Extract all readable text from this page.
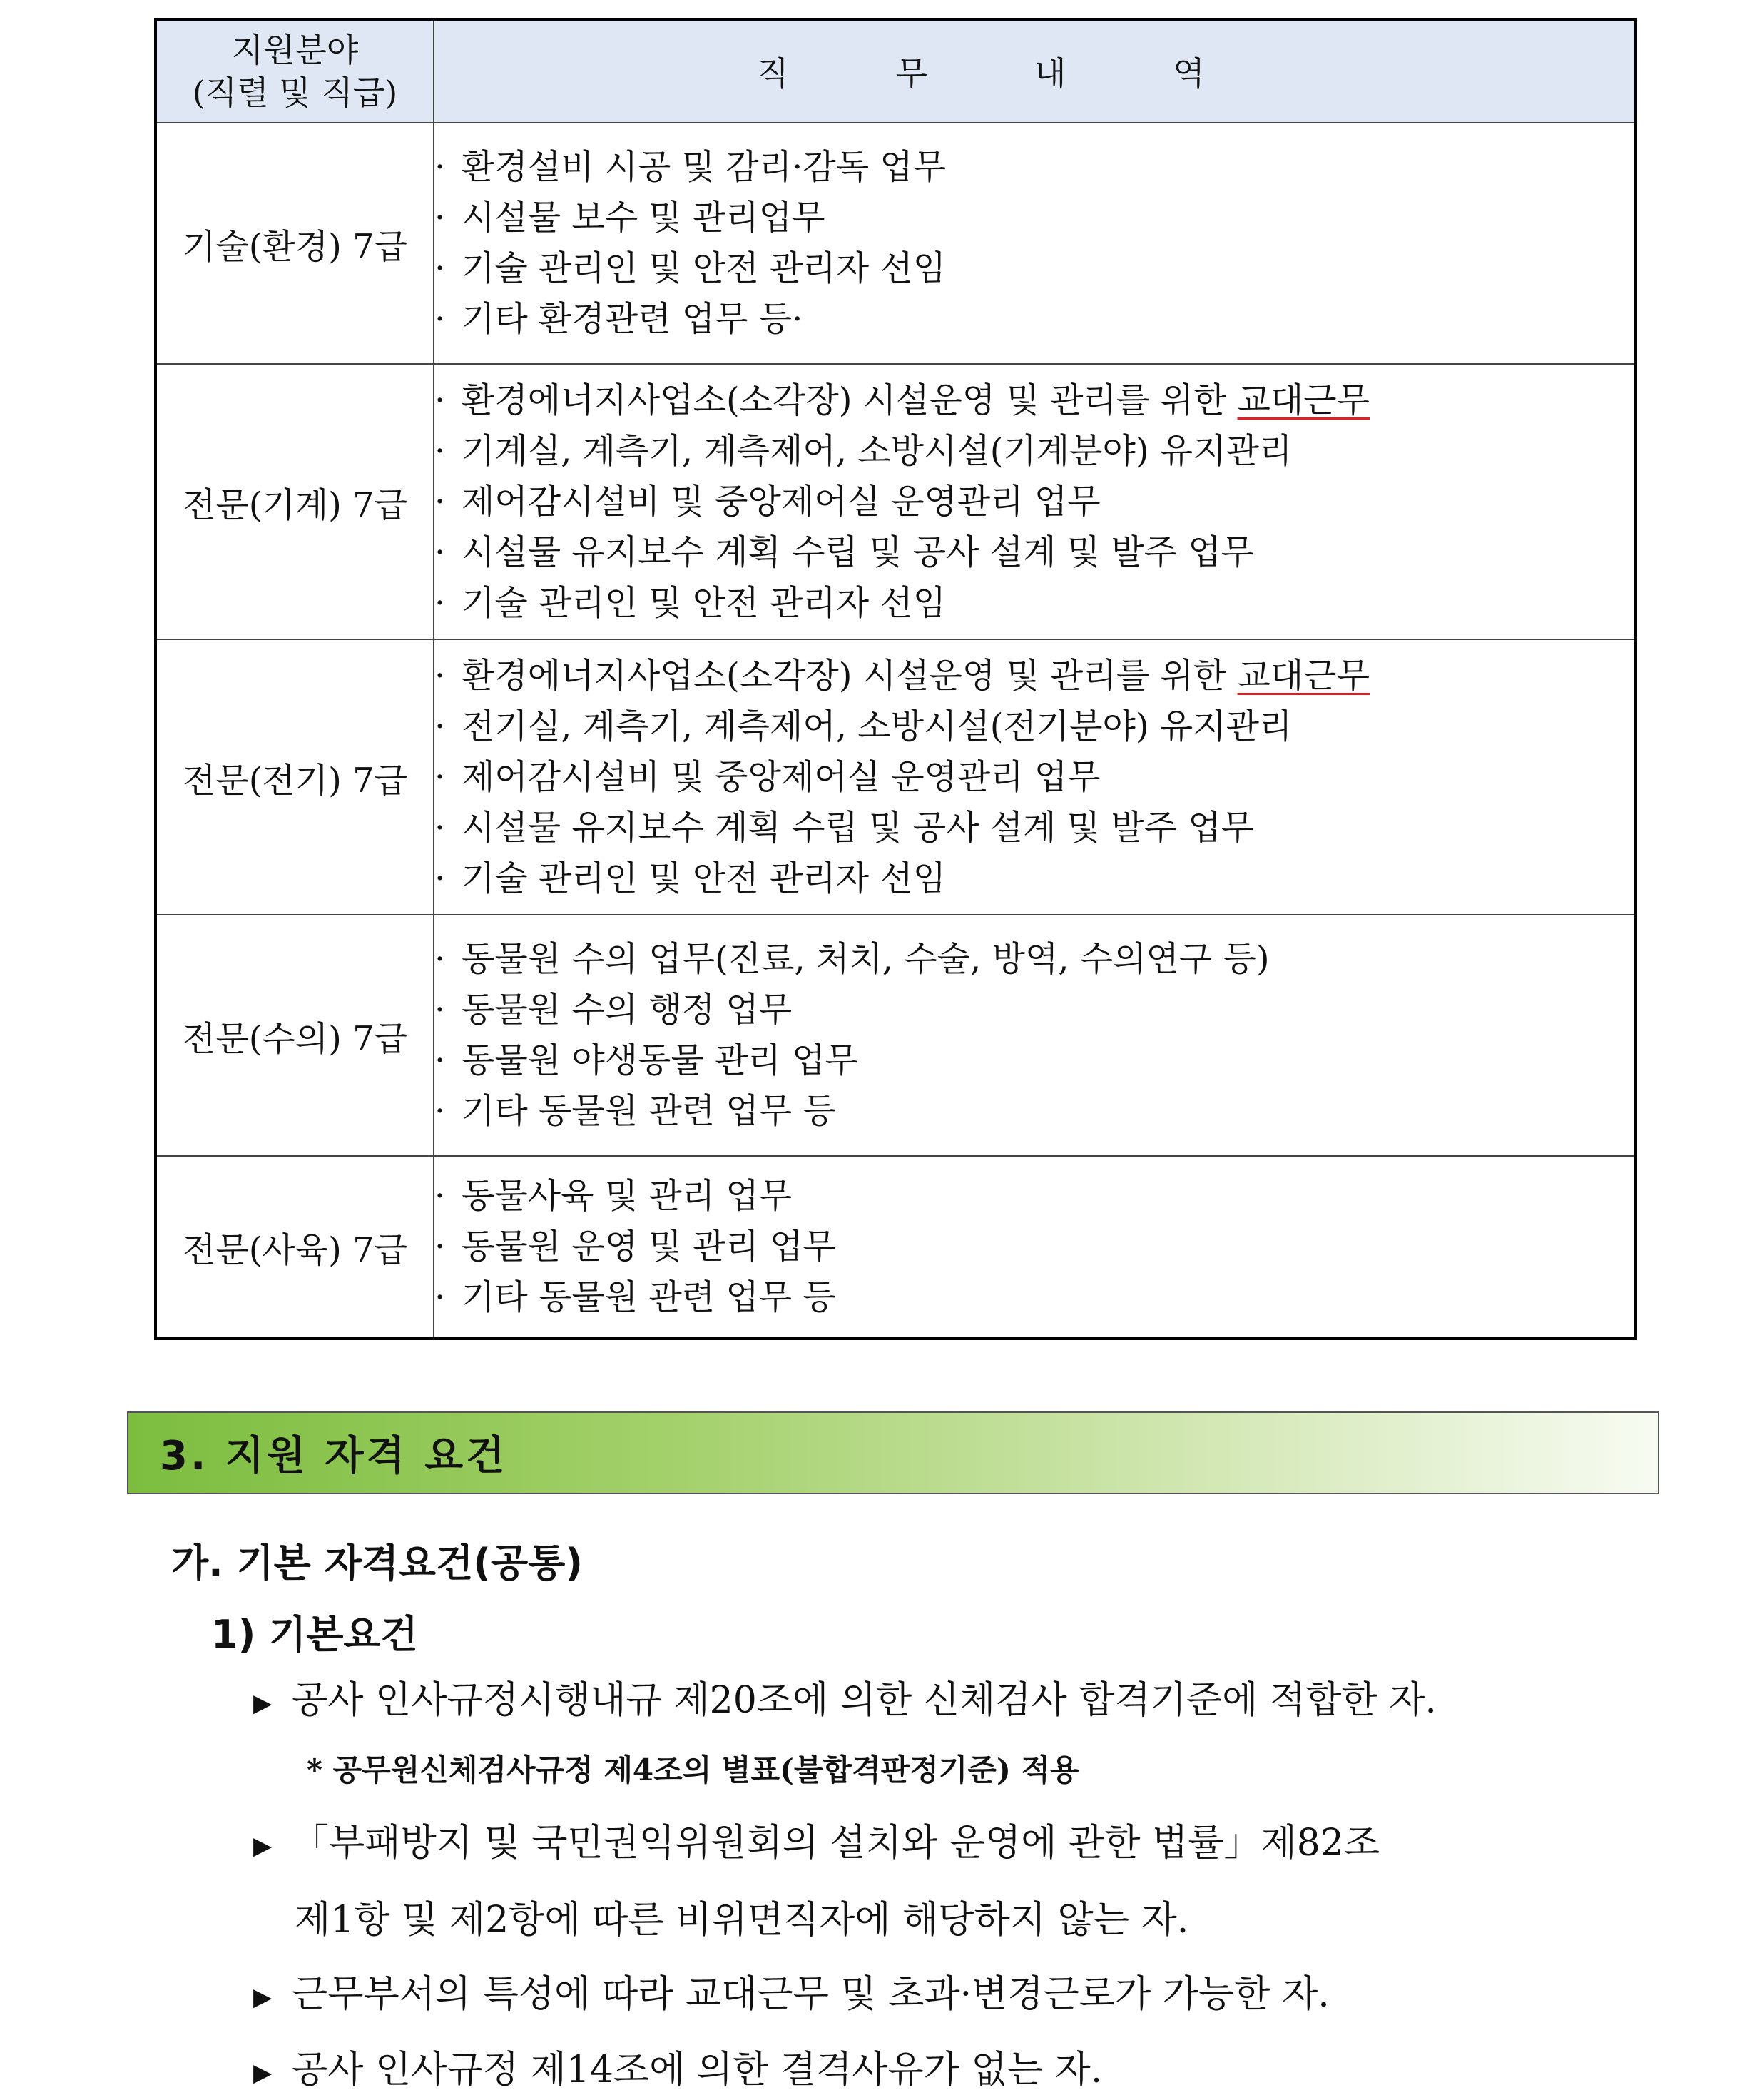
지원분야
(직렬 및 직급)	직무내역
기술(환경) 7급	· 환경설비 시공 및 감리·감독 업무
· 시설물 보수 및 관리업무
· 기술 관리인 및 안전 관리자 선임
· 기타 환경관련 업무 등·

전문(기계) 7급	· 환경에너지사업소(소각장) 시설운영 및 관리를 위한 교대근무
· 기계실, 계측기, 계측제어, 소방시설(기계분야) 유지관리
· 제어감시설비 및 중앙제어실 운영관리 업무
· 시설물 유지보수 계획 수립 및 공사 설계 및 발주 업무
· 기술 관리인 및 안전 관리자 선임

전문(전기) 7급	· 환경에너지사업소(소각장) 시설운영 및 관리를 위한 교대근무
· 전기실, 계측기, 계측제어, 소방시설(전기분야) 유지관리
· 제어감시설비 및 중앙제어실 운영관리 업무
· 시설물 유지보수 계획 수립 및 공사 설계 및 발주 업무
· 기술 관리인 및 안전 관리자 선임

전문(수의) 7급	· 동물원 수의 업무(진료, 처치, 수술, 방역, 수의연구 등)
· 동물원 수의 행정 업무
· 동물원 야생동물 관리 업무
· 기타 동물원 관련 업무 등

전문(사육) 7급	· 동물사육 및 관리 업무
· 동물원 운영 및 관리 업무
· 기타 동물원 관련 업무 등
3. 지원 자격 요건
가. 기본 자격요건(공통)
1) 기본요건
▶ 공사 인사규정시행내규 제20조에 의한 신체검사 합격기준에 적합한 자.
* 공무원신체검사규정 제4조의 별표(불합격판정기준) 적용
▶ 「부패방지 및 국민권익위원회의 설치와 운영에 관한 법률」제82조
제1항 및 제2항에 따른 비위면직자에 해당하지 않는 자.
▶ 근무부서의 특성에 따라 교대근무 및 초과·변경근로가 가능한 자.
▶ 공사 인사규정 제14조에 의한 결격사유가 없는 자.
